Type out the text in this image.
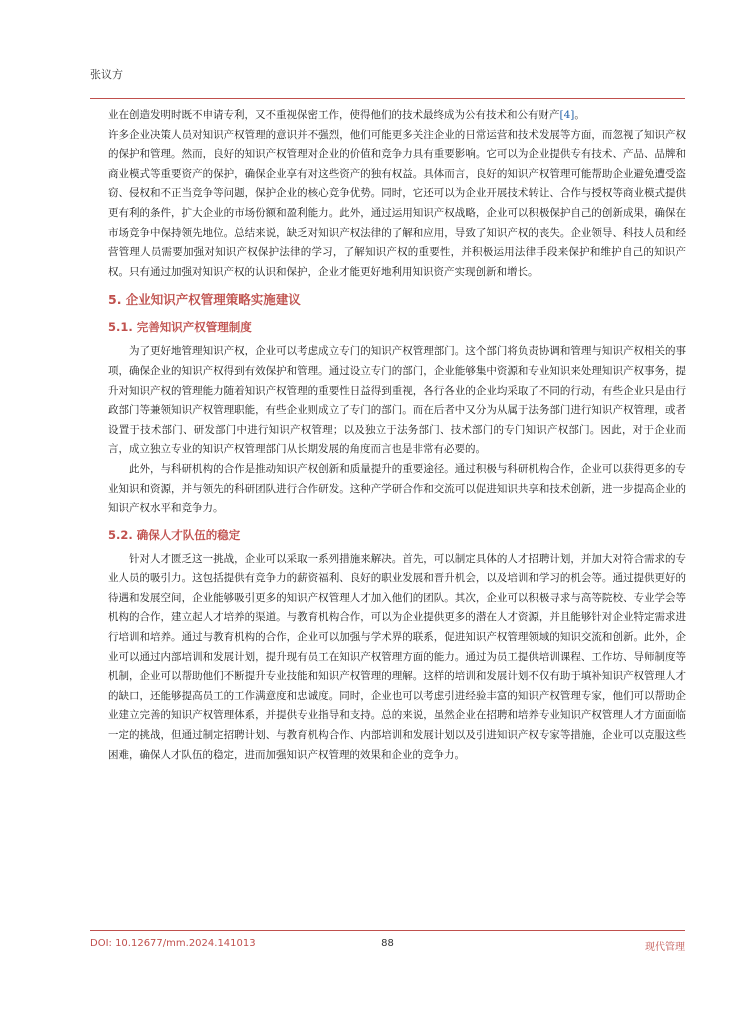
张议方

业在创造发明时既不申请专利，又不重视保密工作，使得他们的技术最终成为公有技术和公有财产[4]。

许多企业决策人员对知识产权管理的意识并不强烈，他们可能更多关注企业的日常运营和技术发展等方面，而忽视了知识产权的保护和管理。然而，良好的知识产权管理对企业的价值和竞争力具有重要影响。它可以为企业提供专有技术、产品、品牌和商业模式等重要资产的保护，确保企业享有对这些资产的独有权益。具体而言，良好的知识产权管理可能帮助企业避免遭受盗窃、侵权和不正当竞争等问题，保护企业的核心竞争优势。同时，它还可以为企业开展技术转让、合作与授权等商业模式提供更有利的条件，扩大企业的市场份额和盈利能力。此外，通过运用知识产权战略，企业可以积极保护自己的创新成果，确保在市场竞争中保持领先地位。总结来说，缺乏对知识产权法律的了解和应用，导致了知识产权的丧失。企业领导、科技人员和经营管理人员需要加强对知识产权保护法律的学习，了解知识产权的重要性，并积极运用法律手段来保护和维护自己的知识产权。只有通过加强对知识产权的认识和保护，企业才能更好地利用知识资产实现创新和增长。

5. 企业知识产权管理策略实施建议
5.1. 完善知识产权管理制度

为了更好地管理知识产权，企业可以考虑成立专门的知识产权管理部门。这个部门将负责协调和管理与知识产权相关的事项，确保企业的知识产权得到有效保护和管理。通过设立专门的部门，企业能够集中资源和专业知识来处理知识产权事务，提升对知识产权的管理能力随着知识产权管理的重要性日益得到重视，各行各业的企业均采取了不同的行动，有些企业只是由行政部门等兼领知识产权管理职能，有些企业则成立了专门的部门。而在后者中又分为从属于法务部门进行知识产权管理，或者设置于技术部门、研发部门中进行知识产权管理；以及独立于法务部门、技术部门的专门知识产权部门。因此，对于企业而言，成立独立专业的知识产权管理部门从长期发展的角度而言也是非常有必要的。

此外，与科研机构的合作是推动知识产权创新和质量提升的重要途径。通过积极与科研机构合作，企业可以获得更多的专业知识和资源，并与领先的科研团队进行合作研发。这种产学研合作和交流可以促进知识共享和技术创新，进一步提高企业的知识产权水平和竞争力。

5.2. 确保人才队伍的稳定

针对人才匮乏这一挑战，企业可以采取一系列措施来解决。首先，可以制定具体的人才招聘计划，并加大对符合需求的专业人员的吸引力。这包括提供有竞争力的薪资福利、良好的职业发展和晋升机会，以及培训和学习的机会等。通过提供更好的待遇和发展空间，企业能够吸引更多的知识产权管理人才加入他们的团队。其次，企业可以积极寻求与高等院校、专业学会等机构的合作，建立起人才培养的渠道。与教育机构合作，可以为企业提供更多的潜在人才资源，并且能够针对企业特定需求进行培训和培养。通过与教育机构的合作，企业可以加强与学术界的联系，促进知识产权管理领域的知识交流和创新。此外，企业可以通过内部培训和发展计划，提升现有员工在知识产权管理方面的能力。通过为员工提供培训课程、工作坊、导师制度等机制，企业可以帮助他们不断提升专业技能和知识产权管理的理解。这样的培训和发展计划不仅有助于填补知识产权管理人才的缺口，还能够提高员工的工作满意度和忠诚度。同时，企业也可以考虑引进经验丰富的知识产权管理专家，他们可以帮助企业建立完善的知识产权管理体系，并提供专业指导和支持。总的来说，虽然企业在招聘和培养专业知识产权管理人才方面面临一定的挑战，但通过制定招聘计划、与教育机构合作、内部培训和发展计划以及引进知识产权专家等措施，企业可以克服这些困难，确保人才队伍的稳定，进而加强知识产权管理的效果和企业的竞争力。

DOI: 10.12677/mm.2024.141013	88	现代管理
